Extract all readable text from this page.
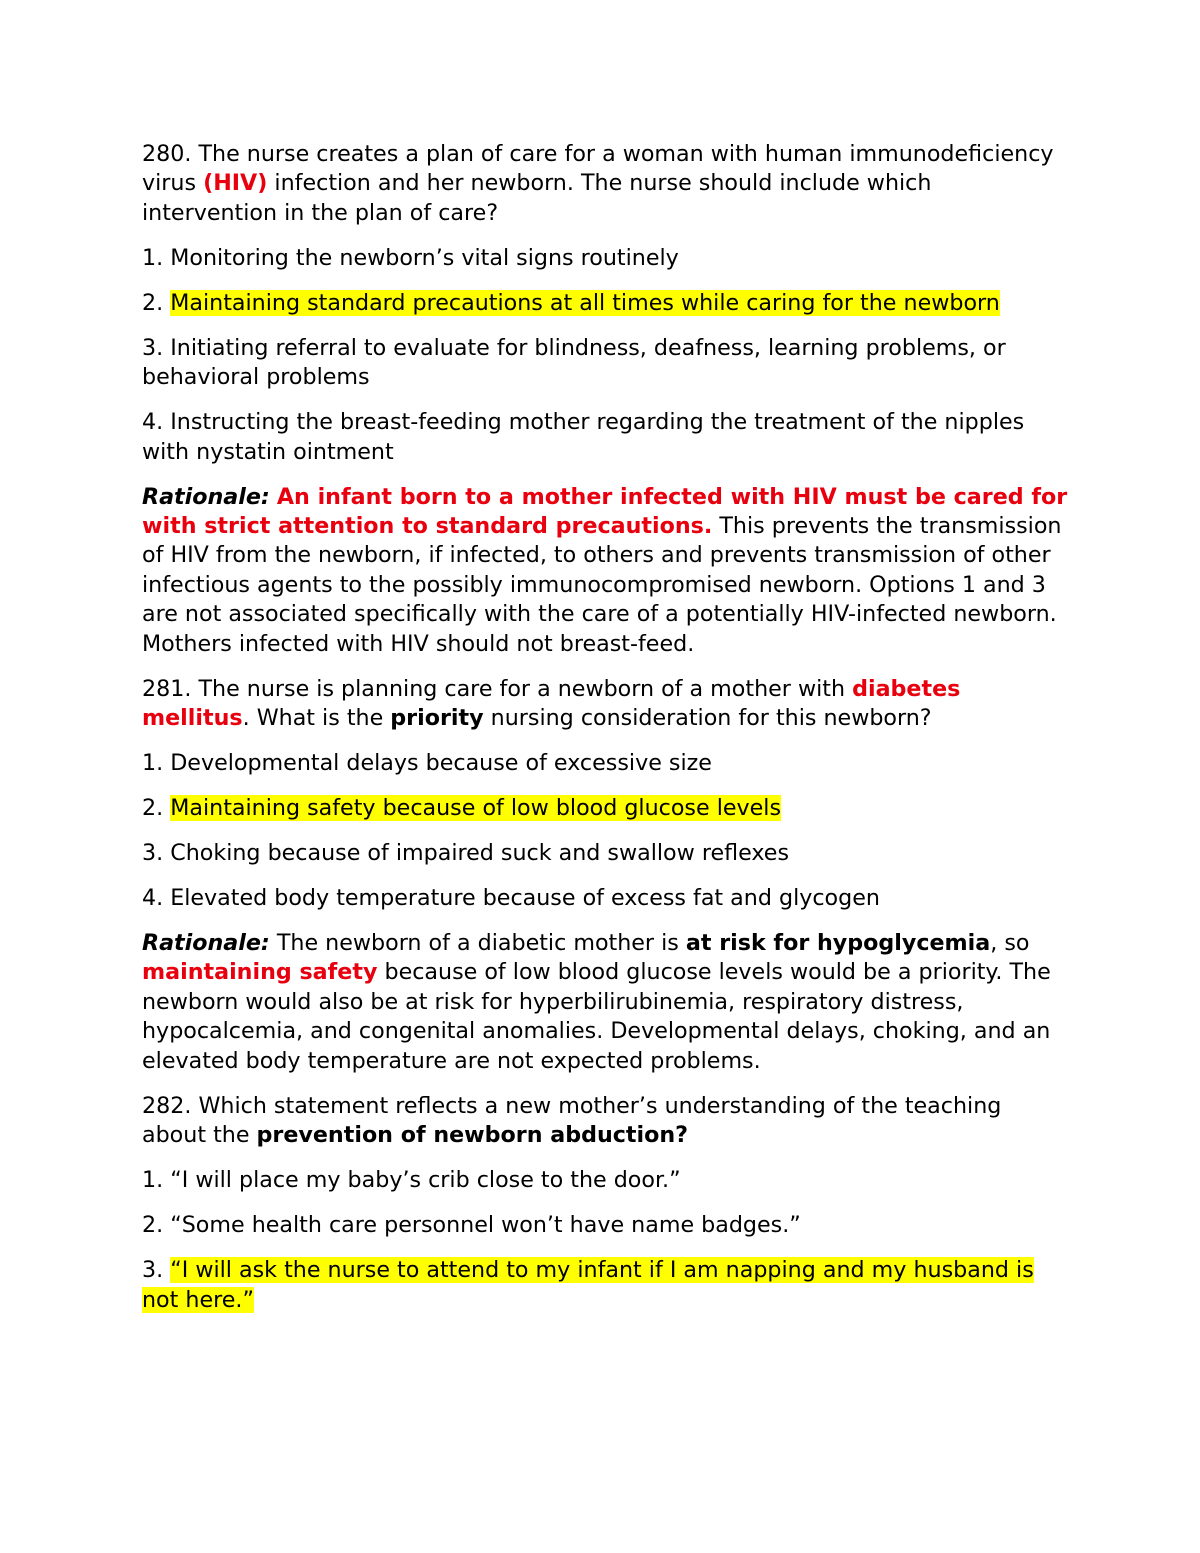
280. The nurse creates a plan of care for a woman with human immunodeficiency virus (HIV) infection and her newborn. The nurse should include which intervention in the plan of care?

1. Monitoring the newborn’s vital signs routinely

2. Maintaining standard precautions at all times while caring for the newborn

3. Initiating referral to evaluate for blindness, deafness, learning problems, or behavioral problems

4. Instructing the breast-feeding mother regarding the treatment of the nipples with nystatin ointment

Rationale: An infant born to a mother infected with HIV must be cared for with strict attention to standard precautions. This prevents the transmission of HIV from the newborn, if infected, to others and prevents transmission of other infectious agents to the possibly immunocompromised newborn. Options 1 and 3 are not associated specifically with the care of a potentially HIV-infected newborn. Mothers infected with HIV should not breast-feed.

281. The nurse is planning care for a newborn of a mother with diabetes mellitus. What is the priority nursing consideration for this newborn?

1. Developmental delays because of excessive size

2. Maintaining safety because of low blood glucose levels

3. Choking because of impaired suck and swallow reflexes

4. Elevated body temperature because of excess fat and glycogen

Rationale: The newborn of a diabetic mother is at risk for hypoglycemia, so maintaining safety because of low blood glucose levels would be a priority. The newborn would also be at risk for hyperbilirubinemia, respiratory distress, hypocalcemia, and congenital anomalies. Developmental delays, choking, and an elevated body temperature are not expected problems.

282. Which statement reflects a new mother’s understanding of the teaching about the prevention of newborn abduction?

1. “I will place my baby’s crib close to the door.”

2. “Some health care personnel won’t have name badges.”

3. “I will ask the nurse to attend to my infant if I am napping and my husband is not here.”
